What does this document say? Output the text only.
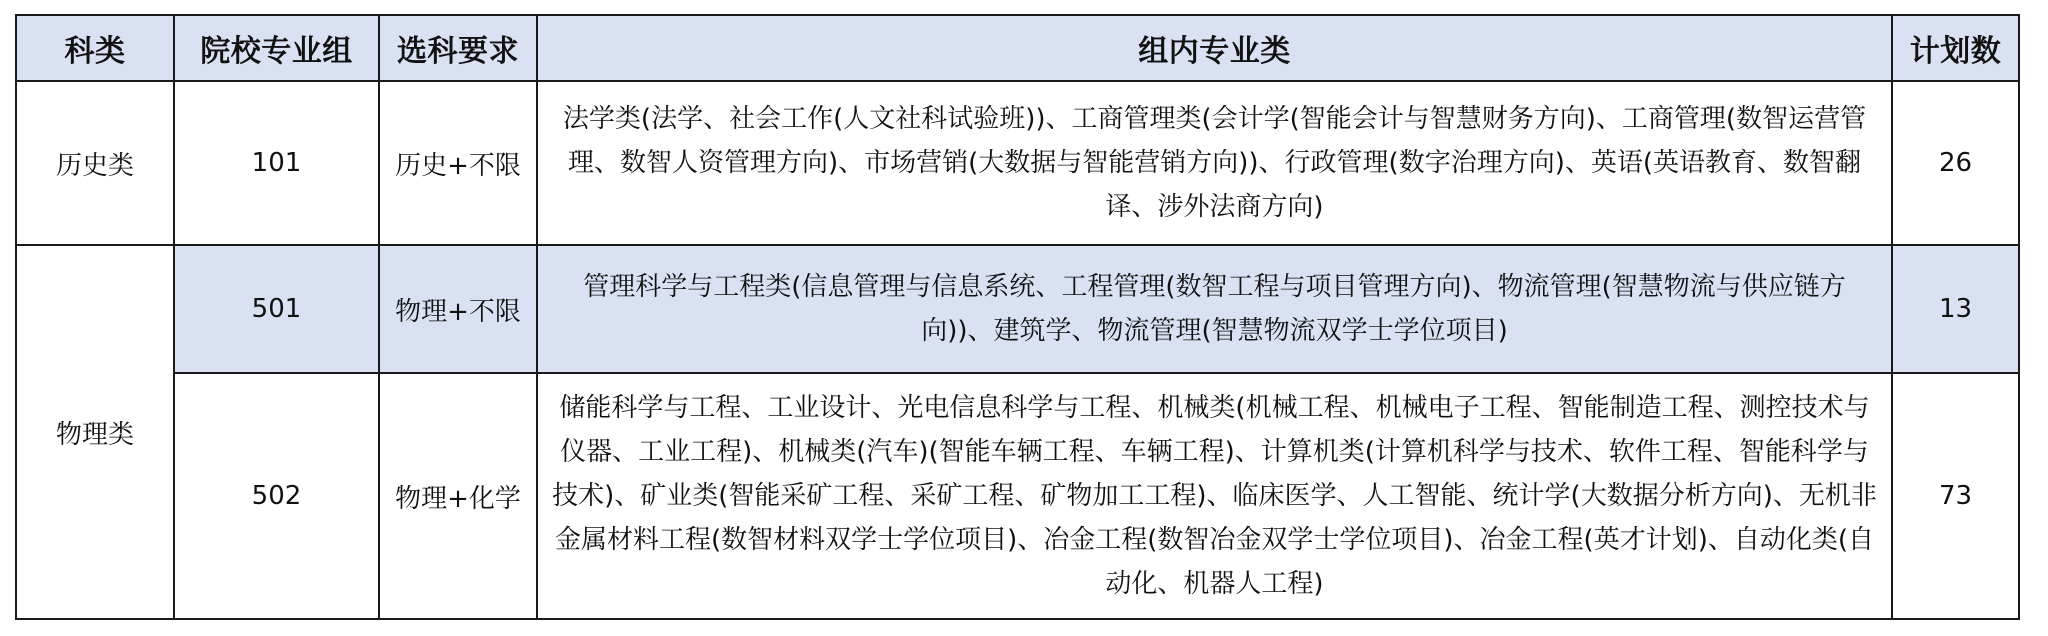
科类	院校专业组	选科要求	组内专业类	计划数
历史类	101	历史+不限	法学类(法学、社会工作(人文社科试验班))、工商管理类(会计学(智能会计与智慧财务方向)、工商管理(数智运营管理、数智人资管理方向)、市场营销(大数据与智能营销方向))、行政管理(数字治理方向)、英语(英语教育、数智翻译、涉外法商方向)	26
物理类	501	物理+不限	管理科学与工程类(信息管理与信息系统、工程管理(数智工程与项目管理方向)、物流管理(智慧物流与供应链方向))、建筑学、物流管理(智慧物流双学士学位项目)	13
	502	物理+化学	储能科学与工程、工业设计、光电信息科学与工程、机械类(机械工程、机械电子工程、智能制造工程、测控技术与仪器、工业工程)、机械类(汽车)(智能车辆工程、车辆工程)、计算机类(计算机科学与技术、软件工程、智能科学与技术)、矿业类(智能采矿工程、采矿工程、矿物加工工程)、临床医学、人工智能、统计学(大数据分析方向)、无机非金属材料工程(数智材料双学士学位项目)、冶金工程(数智冶金双学士学位项目)、冶金工程(英才计划)、自动化类(自动化、机器人工程)	73
